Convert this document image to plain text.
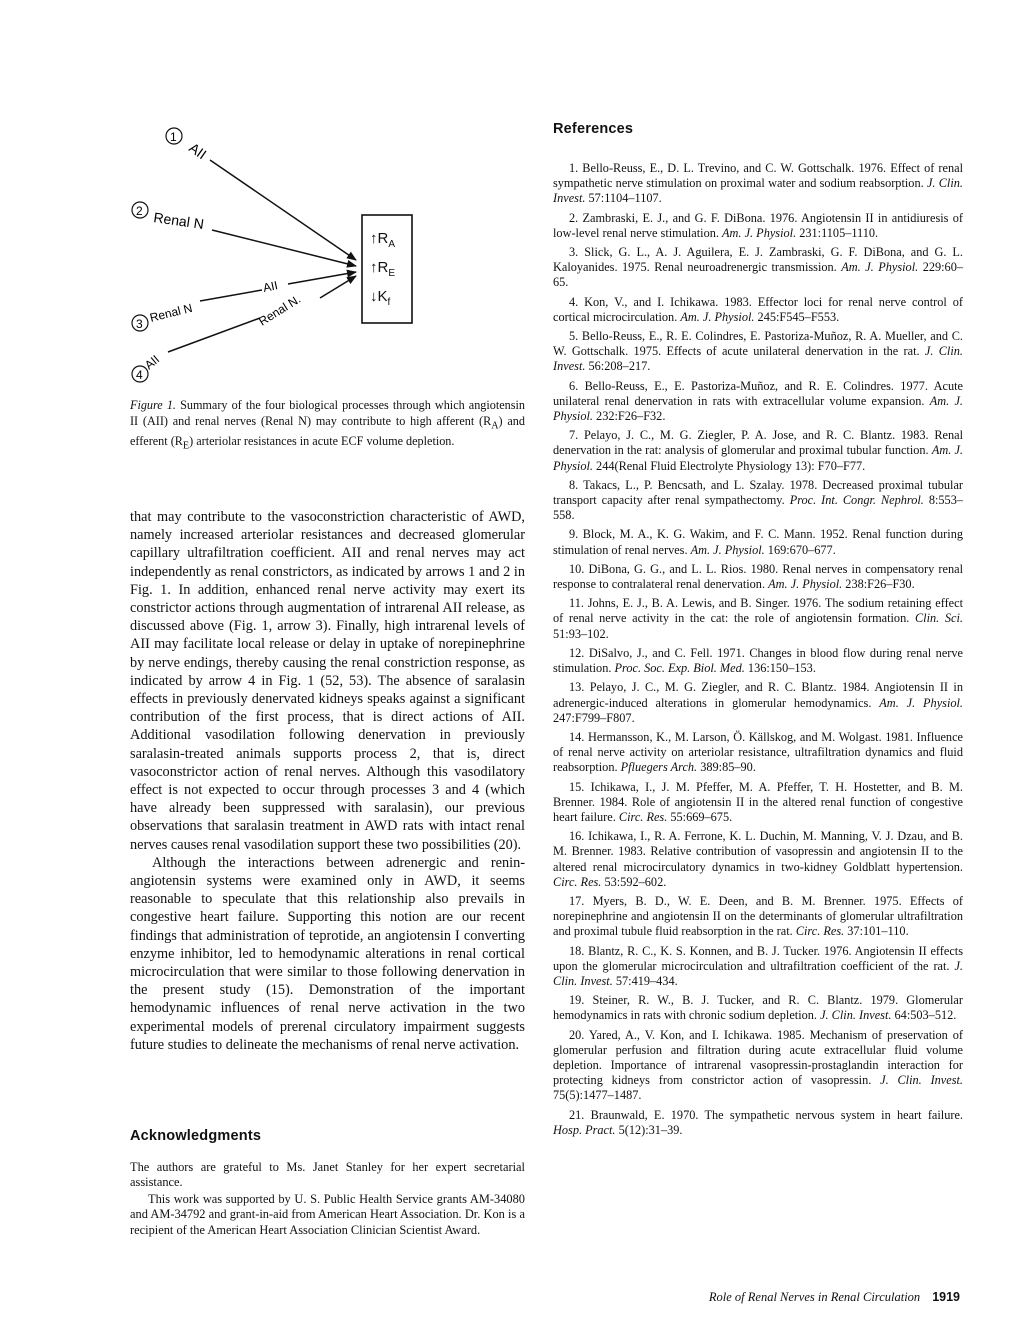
$↑R_A$
$↑R_E$
$↓K_f$
1
AII
2 Renal N
3 Renal N
AII
4
AII
Renal N.
Figure 1. Summary of the four biological processes through which angiotensin II (AII) and renal nerves (Renal N) may contribute to high afferent $(R_A)$ and efferent $(R_E)$ arteriolar resistances in acute ECF volume depletion.

that may contribute to the vasoconstriction characteristic of AWD, namely increased arteriolar resistances and decreased glomerular capillary ultrafiltration coefficient. AII and renal nerves may act independently as renal constrictors, as indicated by arrows 1 and 2 in Fig. 1. In addition, enhanced renal nerve activity may exert its constrictor actions through augmentation of intrarenal AII release, as discussed above (Fig. 1, arrow 3). Finally, high intrarenal levels of AII may facilitate local release or delay in uptake of norepinephrine by nerve endings, thereby causing the renal constriction response, as indicated by arrow 4 in Fig. 1 (52, 53). The absence of saralasin effects in previously denervated kidneys speaks against a significant contribution of the first process, that is direct actions of AII. Additional vasodilation following denervation in previously saralasin-treated animals supports process 2, that is, direct vasoconstrictor action of renal nerves. Although this vasodilatory effect is not expected to occur through processes 3 and 4 (which have already been suppressed with saralasin), our previous observations that saralasin treatment in AWD rats with intact renal nerves causes renal vasodilation support these two possibilities (20).

Although the interactions between adrenergic and renin-angiotensin systems were examined only in AWD, it seems reasonable to speculate that this relationship also prevails in congestive heart failure. Supporting this notion are our recent findings that administration of teprotide, an angiotensin I converting enzyme inhibitor, led to hemodynamic alterations in renal cortical microcirculation that were similar to those following denervation in the present study (15). Demonstration of the important hemodynamic influences of renal nerve activation in the two experimental models of prerenal circulatory impairment suggests future studies to delineate the mechanisms of renal nerve activation.

Acknowledgments

The authors are grateful to Ms. Janet Stanley for her expert secretarial assistance.

This work was supported by U. S. Public Health Service grants AM-34080 and AM-34792 and grant-in-aid from American Heart Association. Dr. Kon is a recipient of the American Heart Association Clinician Scientist Award.

References

1. Bello-Reuss, E., D. L. Trevino, and C. W. Gottschalk. 1976. Effect of renal sympathetic nerve stimulation on proximal water and sodium reabsorption. J. Clin. Invest. 57:1104–1107.

2. Zambraski, E. J., and G. F. DiBona. 1976. Angiotensin II in antidiuresis of low-level renal nerve stimulation. Am. J. Physiol. 231:1105–1110.

3. Slick, G. L., A. J. Aguilera, E. J. Zambraski, G. F. DiBona, and G. L. Kaloyanides. 1975. Renal neuroadrenergic transmission. Am. J. Physiol. 229:60–65.

4. Kon, V., and I. Ichikawa. 1983. Effector loci for renal nerve control of cortical microcirculation. Am. J. Physiol. 245:F545–F553.

5. Bello-Reuss, E., R. E. Colindres, E. Pastoriza-Muñoz, R. A. Mueller, and C. W. Gottschalk. 1975. Effects of acute unilateral denervation in the rat. J. Clin. Invest. 56:208–217.

6. Bello-Reuss, E., E. Pastoriza-Muñoz, and R. E. Colindres. 1977. Acute unilateral renal denervation in rats with extracellular volume expansion. Am. J. Physiol. 232:F26–F32.

7. Pelayo, J. C., M. G. Ziegler, P. A. Jose, and R. C. Blantz. 1983. Renal denervation in the rat: analysis of glomerular and proximal tubular function. Am. J. Physiol. 244(Renal Fluid Electrolyte Physiology 13): F70–F77.

8. Takacs, L., P. Bencsath, and L. Szalay. 1978. Decreased proximal tubular transport capacity after renal sympathectomy. Proc. Int. Congr. Nephrol. 8:553–558.

9. Block, M. A., K. G. Wakim, and F. C. Mann. 1952. Renal function during stimulation of renal nerves. Am. J. Physiol. 169:670–677.

10. DiBona, G. G., and L. L. Rios. 1980. Renal nerves in compensatory renal response to contralateral renal denervation. Am. J. Physiol. 238:F26–F30.

11. Johns, E. J., B. A. Lewis, and B. Singer. 1976. The sodium retaining effect of renal nerve activity in the cat: the role of angiotensin formation. Clin. Sci. 51:93–102.

12. DiSalvo, J., and C. Fell. 1971. Changes in blood flow during renal nerve stimulation. Proc. Soc. Exp. Biol. Med. 136:150–153.

13. Pelayo, J. C., M. G. Ziegler, and R. C. Blantz. 1984. Angiotensin II in adrenergic-induced alterations in glomerular hemodynamics. Am. J. Physiol. 247:F799–F807.

14. Hermansson, K., M. Larson, Ö. Källskog, and M. Wolgast. 1981. Influence of renal nerve activity on arteriolar resistance, ultrafiltration dynamics and fluid reabsorption. Pfluegers Arch. 389:85–90.

15. Ichikawa, I., J. M. Pfeffer, M. A. Pfeffer, T. H. Hostetter, and B. M. Brenner. 1984. Role of angiotensin II in the altered renal function of congestive heart failure. Circ. Res. 55:669–675.

16. Ichikawa, I., R. A. Ferrone, K. L. Duchin, M. Manning, V. J. Dzau, and B. M. Brenner. 1983. Relative contribution of vasopressin and angiotensin II to the altered renal microcirculatory dynamics in two-kidney Goldblatt hypertension. Circ. Res. 53:592–602.

17. Myers, B. D., W. E. Deen, and B. M. Brenner. 1975. Effects of norepinephrine and angiotensin II on the determinants of glomerular ultrafiltration and proximal tubule fluid reabsorption in the rat. Circ. Res. 37:101–110.

18. Blantz, R. C., K. S. Konnen, and B. J. Tucker. 1976. Angiotensin II effects upon the glomerular microcirculation and ultrafiltration coefficient of the rat. J. Clin. Invest. 57:419–434.

19. Steiner, R. W., B. J. Tucker, and R. C. Blantz. 1979. Glomerular hemodynamics in rats with chronic sodium depletion. J. Clin. Invest. 64:503–512.

20. Yared, A., V. Kon, and I. Ichikawa. 1985. Mechanism of preservation of glomerular perfusion and filtration during acute extracellular fluid volume depletion. Importance of intrarenal vasopressin-prostaglandin interaction for protecting kidneys from constrictor action of vasopressin. J. Clin. Invest. 75(5):1477–1487.

21. Braunwald, E. 1970. The sympathetic nervous system in heart failure. Hosp. Pract. 5(12):31–39.

Role of Renal Nerves in Renal Circulation 1919
